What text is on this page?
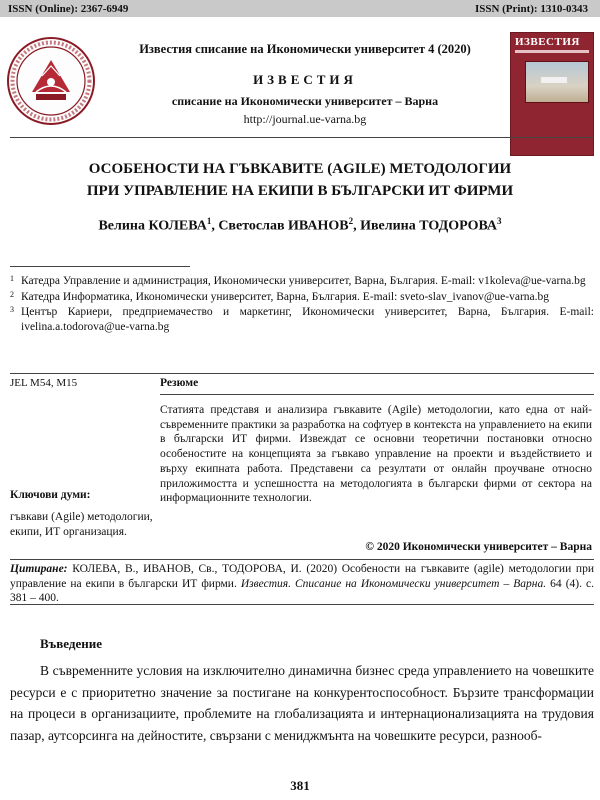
ISSN (Online): 2367-6949	ISSN (Print): 1310-0343
Известия списание на Икономически университет 4 (2020)
ИЗВЕСТИЯ
списание на Икономически университет – Варна
http://journal.ue-varna.bg
ИЗВЕСТИЯ
ОСОБЕНОСТИ НА ГЪВКАВИТЕ (AGILE) МЕТОДОЛОГИИ
ПРИ УПРАВЛЕНИЕ НА ЕКИПИ В БЪЛГАРСКИ ИТ ФИРМИ
Велина КОЛЕВА$^1$, Светослав ИВАНОВ$^2$, Ивелина ТОДОРОВА$^3$
1 Катедра Управление и администрация, Икономически университет, Варна, България. E-mail: v1koleva@ue-varna.bg
2 Катедра Информатика, Икономически университет, Варна, България. E-mail: sveto-slav_ivanov@ue-varna.bg
3 Център Кариери, предприемачество и маркетинг, Икономически университет, Варна, България. E-mail: ivelina.a.todorova@ue-varna.bg
JEL M54, M15	Резюме
Статията представя и анализира гъвкавите (Agile) методологии, като една от най-съвременните практики за разработка на софтуер в контекста на управлението на екипи в български ИТ фирми. Извеждат се основни теоретични постановки относно особеностите на концепцията за гъвкаво управление на проекти и въздействието и върху екипната работа. Представени са резултати от онлайн проучване относно приложимостта и успешността на методологията в български фирми от сектора на информационните технологии.
Ключови думи:
гъвкави (Agile) методологии, екипи, ИТ организация.
© 2020 Икономически университет – Варна
Цитиране: КОЛЕВА, В., ИВАНОВ, Св., ТОДОРОВА, И. (2020) Особености на гъвкавите (agile) методологии при управление на екипи в български ИТ фирми. Известия. Списание на Икономически университет – Варна. 64 (4). с. 381 – 400.
Въведение
В съвременните условия на изключително динамична бизнес среда управлението на човешките ресурси е с приоритетно значение за постигане на конкурентоспособност. Бързите трансформации на процеси в организациите, проблемите на глобализацията и интернационализацията на трудовия пазар, аутсорсинга на дейностите, свързани с мениджмънта на човешките ресурси, разнооб-
381
